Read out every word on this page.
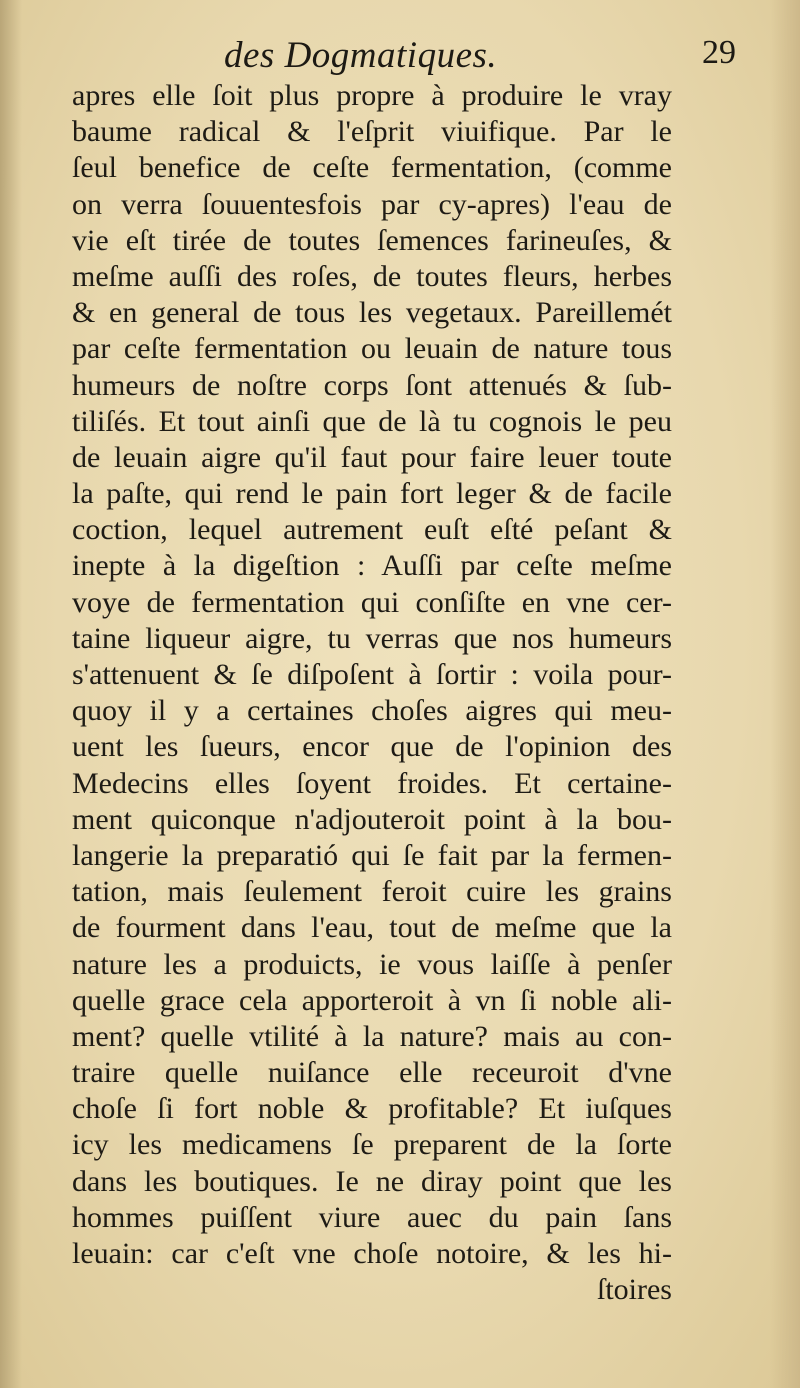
des Dogmatiques.	29
apres elle ſoit plus propre à produire le vray
baume radical & l'eſprit viuifique. Par le
ſeul benefice de ceſte fermentation, (comme
on verra ſouuentesfois par cy-apres) l'eau de
vie eſt tirée de toutes ſemences farineuſes, &
meſme auſſi des roſes, de toutes fleurs, herbes
& en general de tous les vegetaux. Pareillemét
par ceſte fermentation ou leuain de nature tous
humeurs de noſtre corps ſont attenués & ſub-
tiliſés. Et tout ainſi que de là tu cognois le peu
de leuain aigre qu'il faut pour faire leuer toute
la paſte, qui rend le pain fort leger & de facile
coction, lequel autrement euſt eſté peſant &
inepte à la digeſtion : Auſſi par ceſte meſme
voye de fermentation qui conſiſte en vne cer-
taine liqueur aigre, tu verras que nos humeurs
s'attenuent & ſe diſpoſent à ſortir : voila pour-
quoy il y a certaines choſes aigres qui meu-
uent les ſueurs, encor que de l'opinion des
Medecins elles ſoyent froides. Et certaine-
ment quiconque n'adjouteroit point à la bou-
langerie la preparatió qui ſe fait par la fermen-
tation, mais ſeulement feroit cuire les grains
de fourment dans l'eau, tout de meſme que la
nature les a produicts, ie vous laiſſe à penſer
quelle grace cela apporteroit à vn ſi noble ali-
ment? quelle vtilité à la nature? mais au con-
traire quelle nuiſance elle receuroit d'vne
choſe ſi fort noble & profitable? Et iuſques
icy les medicamens ſe preparent de la ſorte
dans les boutiques. Ie ne diray point que les
hommes puiſſent viure auec du pain ſans
leuain: car c'eſt vne choſe notoire, & les hi-
ſtoires
